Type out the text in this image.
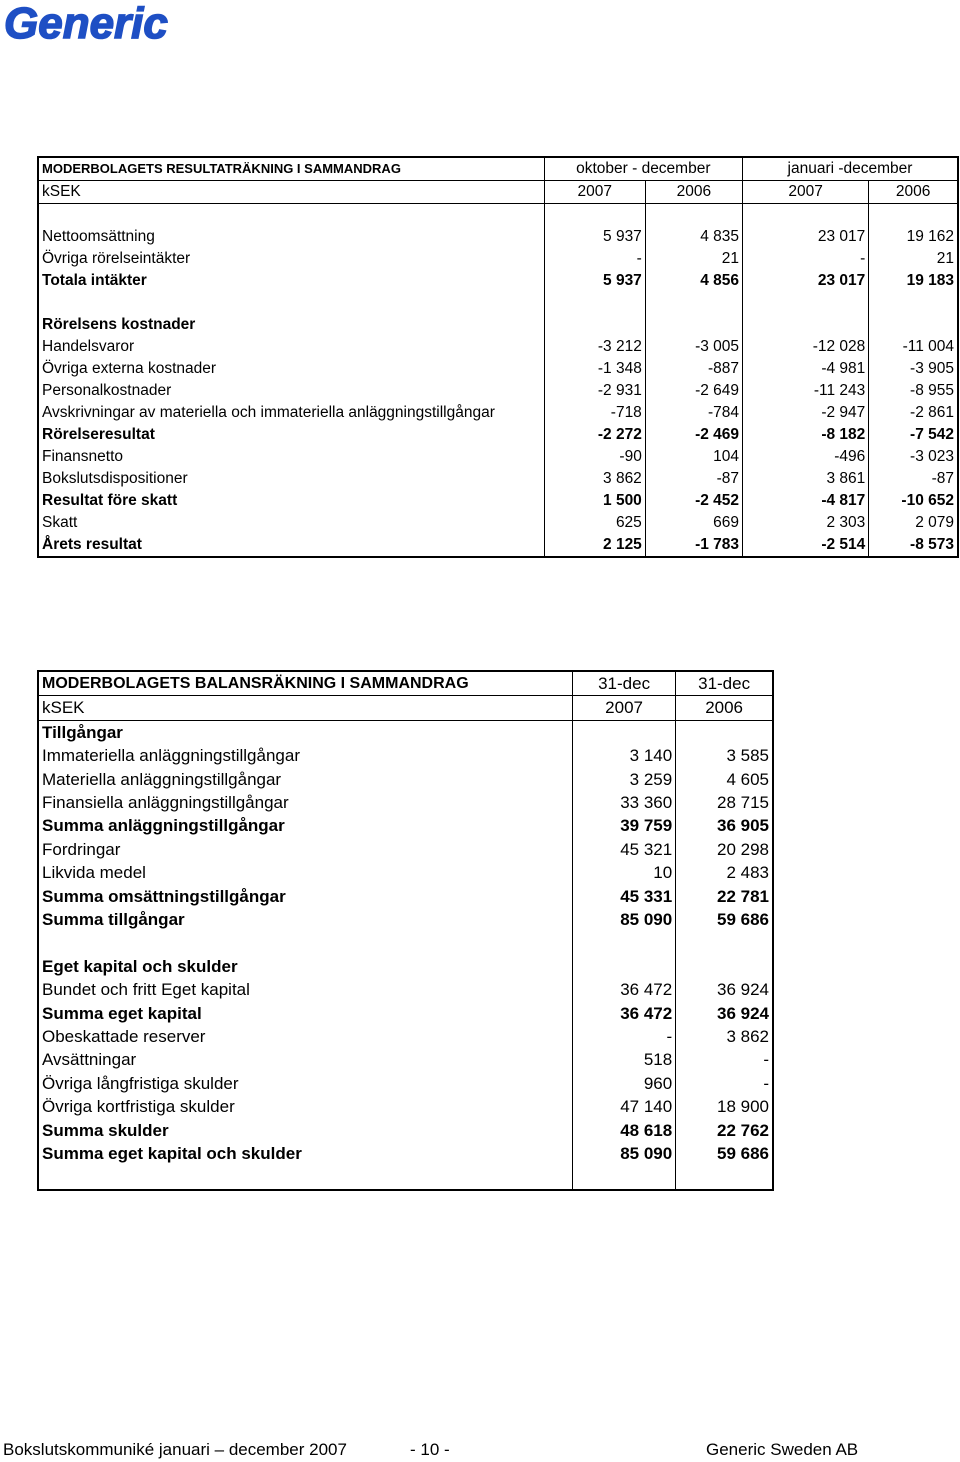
Generic
MODERBOLAGETS RESULTATRÄKNING I SAMMANDRAG	oktober - december		januari -december	
kSEK	2007	2006	2007	2006

Nettoomsättning	5 937	4 835	23 017	19 162
Övriga rörelseintäkter	-	21	-	21
Totala intäkter	5 937	4 856	23 017	19 183

Rörelsens kostnader				
Handelsvaror	-3 212	-3 005	-12 028	-11 004
Övriga externa kostnader	-1 348	-887	-4 981	-3 905
Personalkostnader	-2 931	-2 649	-11 243	-8 955
Avskrivningar av materiella och immateriella anläggningstillgångar	-718	-784	-2 947	-2 861
Rörelseresultat	-2 272	-2 469	-8 182	-7 542
Finansnetto	-90	104	-496	-3 023
Bokslutsdispositioner	3 862	-87	3 861	-87
Resultat före skatt	1 500	-2 452	-4 817	-10 652
Skatt	625	669	2 303	2 079
Årets resultat	2 125	-1 783	-2 514	-8 573
MODERBOLAGETS BALANSRÄKNING I SAMMANDRAG	31-dec	31-dec
kSEK	2007	2006
Tillgångar		
Immateriella anläggningstillgångar	3 140	3 585
Materiella anläggningstillgångar	3 259	4 605
Finansiella anläggningstillgångar	33 360	28 715
Summa anläggningstillgångar	39 759	36 905
Fordringar	45 321	20 298
Likvida medel	10	2 483
Summa omsättningstillgångar	45 331	22 781
Summa tillgångar	85 090	59 686

Eget kapital och skulder		
Bundet och fritt Eget kapital	36 472	36 924
Summa eget kapital	36 472	36 924
Obeskattade reserver	-	3 862
Avsättningar	518	-
Övriga långfristiga skulder	960	-
Övriga kortfristiga skulder	47 140	18 900
Summa skulder	48 618	22 762
Summa eget kapital och skulder	85 090	59 686

Bokslutskommuniké januari – december 2007	- 10 -	Generic Sweden AB
